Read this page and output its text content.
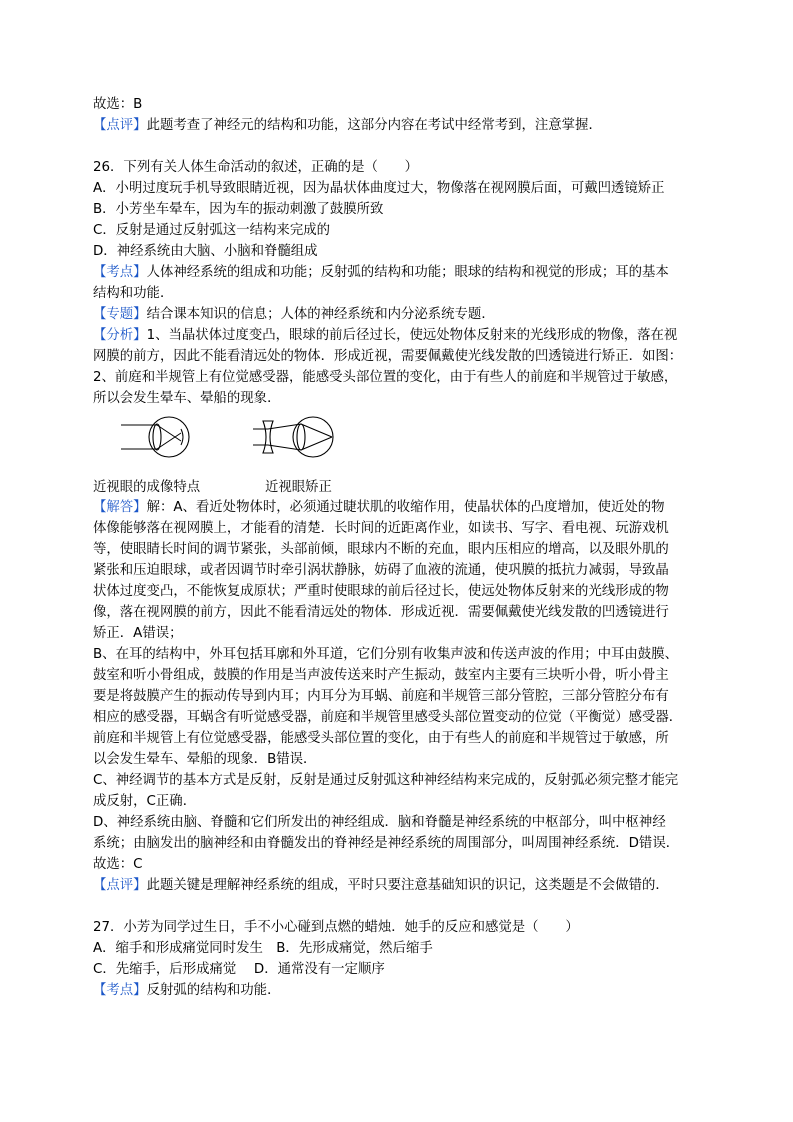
故选：B
【点评】此题考查了神经元的结构和功能，这部分内容在考试中经常考到，注意掌握．
26．下列有关人体生命活动的叙述，正确的是（　　）
A．小明过度玩手机导致眼睛近视，因为晶状体曲度过大，物像落在视网膜后面，可戴凹透镜矫正
B．小芳坐车晕车，因为车的振动刺激了鼓膜所致
C．反射是通过反射弧这一结构来完成的
D．神经系统由大脑、小脑和脊髓组成
【考点】人体神经系统的组成和功能；反射弧的结构和功能；眼球的结构和视觉的形成；耳的基本
结构和功能．
【专题】结合课本知识的信息；人体的神经系统和内分泌系统专题．
【分析】1、当晶状体过度变凸，眼球的前后径过长，使远处物体反射来的光线形成的物像，落在视
网膜的前方，因此不能看清远处的物体．形成近视，需要佩戴使光线发散的凹透镜进行矫正．如图：
2、前庭和半规管上有位觉感受器，能感受头部位置的变化，由于有些人的前庭和半规管过于敏感，
所以会发生晕车、晕船的现象．
近视眼的成像特点	近视眼矫正
【解答】解：A、看近处物体时，必须通过睫状肌的收缩作用，使晶状体的凸度增加，使近处的物
体像能够落在视网膜上，才能看的清楚．长时间的近距离作业，如读书、写字、看电视、玩游戏机
等，使眼睛长时间的调节紧张，头部前倾，眼球内不断的充血，眼内压相应的增高，以及眼外肌的
紧张和压迫眼球，或者因调节时牵引涡状静脉，妨碍了血液的流通，使巩膜的抵抗力减弱，导致晶
状体过度变凸，不能恢复成原状；严重时使眼球的前后径过长，使远处物体反射来的光线形成的物
像，落在视网膜的前方，因此不能看清远处的物体．形成近视．需要佩戴使光线发散的凹透镜进行
矫正．A错误；
B、在耳的结构中，外耳包括耳廓和外耳道，它们分别有收集声波和传送声波的作用；中耳由鼓膜、
鼓室和听小骨组成，鼓膜的作用是当声波传送来时产生振动，鼓室内主要有三块听小骨，听小骨主
要是将鼓膜产生的振动传导到内耳；内耳分为耳蜗、前庭和半规管三部分管腔，三部分管腔分布有
相应的感受器，耳蜗含有听觉感受器，前庭和半规管里感受头部位置变动的位觉（平衡觉）感受器．
前庭和半规管上有位觉感受器，能感受头部位置的变化，由于有些人的前庭和半规管过于敏感，所
以会发生晕车、晕船的现象．B错误．
C、神经调节的基本方式是反射，反射是通过反射弧这种神经结构来完成的，反射弧必须完整才能完
成反射，C正确．
D、神经系统由脑、脊髓和它们所发出的神经组成．脑和脊髓是神经系统的中枢部分，叫中枢神经
系统；由脑发出的脑神经和由脊髓发出的脊神经是神经系统的周围部分，叫周围神经系统．D错误．
故选：C
【点评】此题关键是理解神经系统的组成，平时只要注意基础知识的识记，这类题是不会做错的．
27．小芳为同学过生日，手不小心碰到点燃的蜡烛．她手的反应和感觉是（　　）
A．缩手和形成痛觉同时发生　B．先形成痛觉，然后缩手
C．先缩手，后形成痛觉　 D．通常没有一定顺序
【考点】反射弧的结构和功能．
